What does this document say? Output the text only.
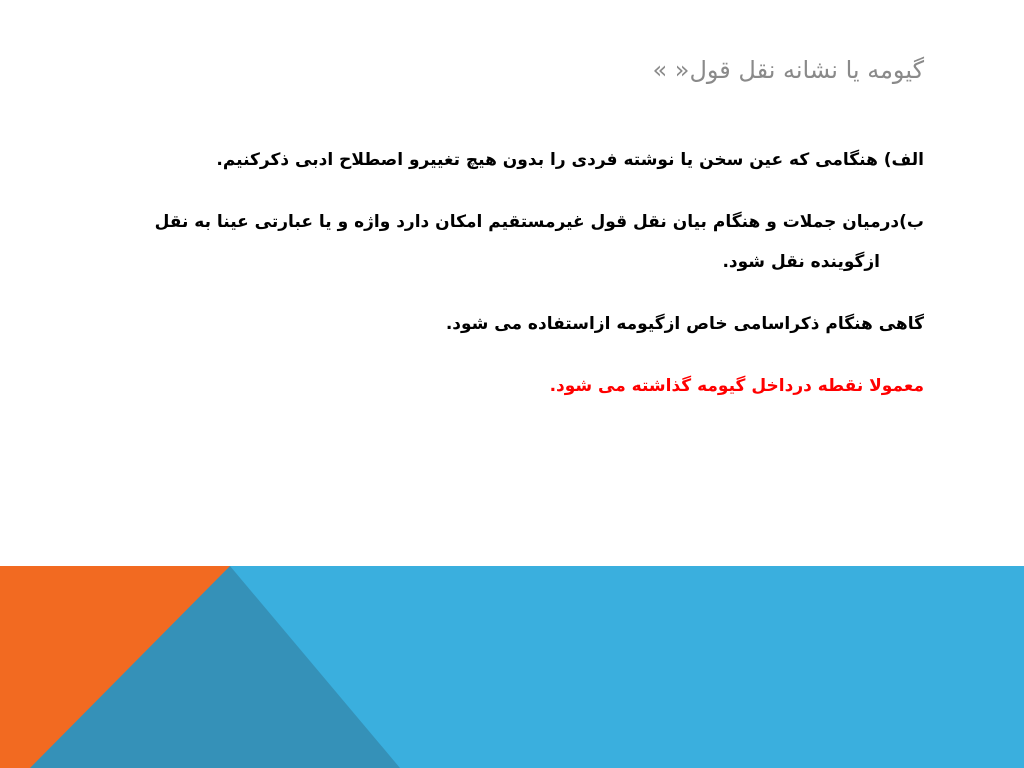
گیومه یا نشانه نقل قول« »

الف) هنگامی که عین سخن یا نوشته فردی را بدون هیچ تغییرو اصطلاح ادبی ذکرکنیم.

ب)درمیان جملات و هنگام بیان نقل قول غیرمستقیم امکان دارد واژه و یا عبارتی عینا به نقل
ازگوینده نقل شود.

گاهی هنگام ذکراسامی خاص ازگیومه ازاستفاده می شود.

معمولا نقطه درداخل گیومه گذاشته می شود.
